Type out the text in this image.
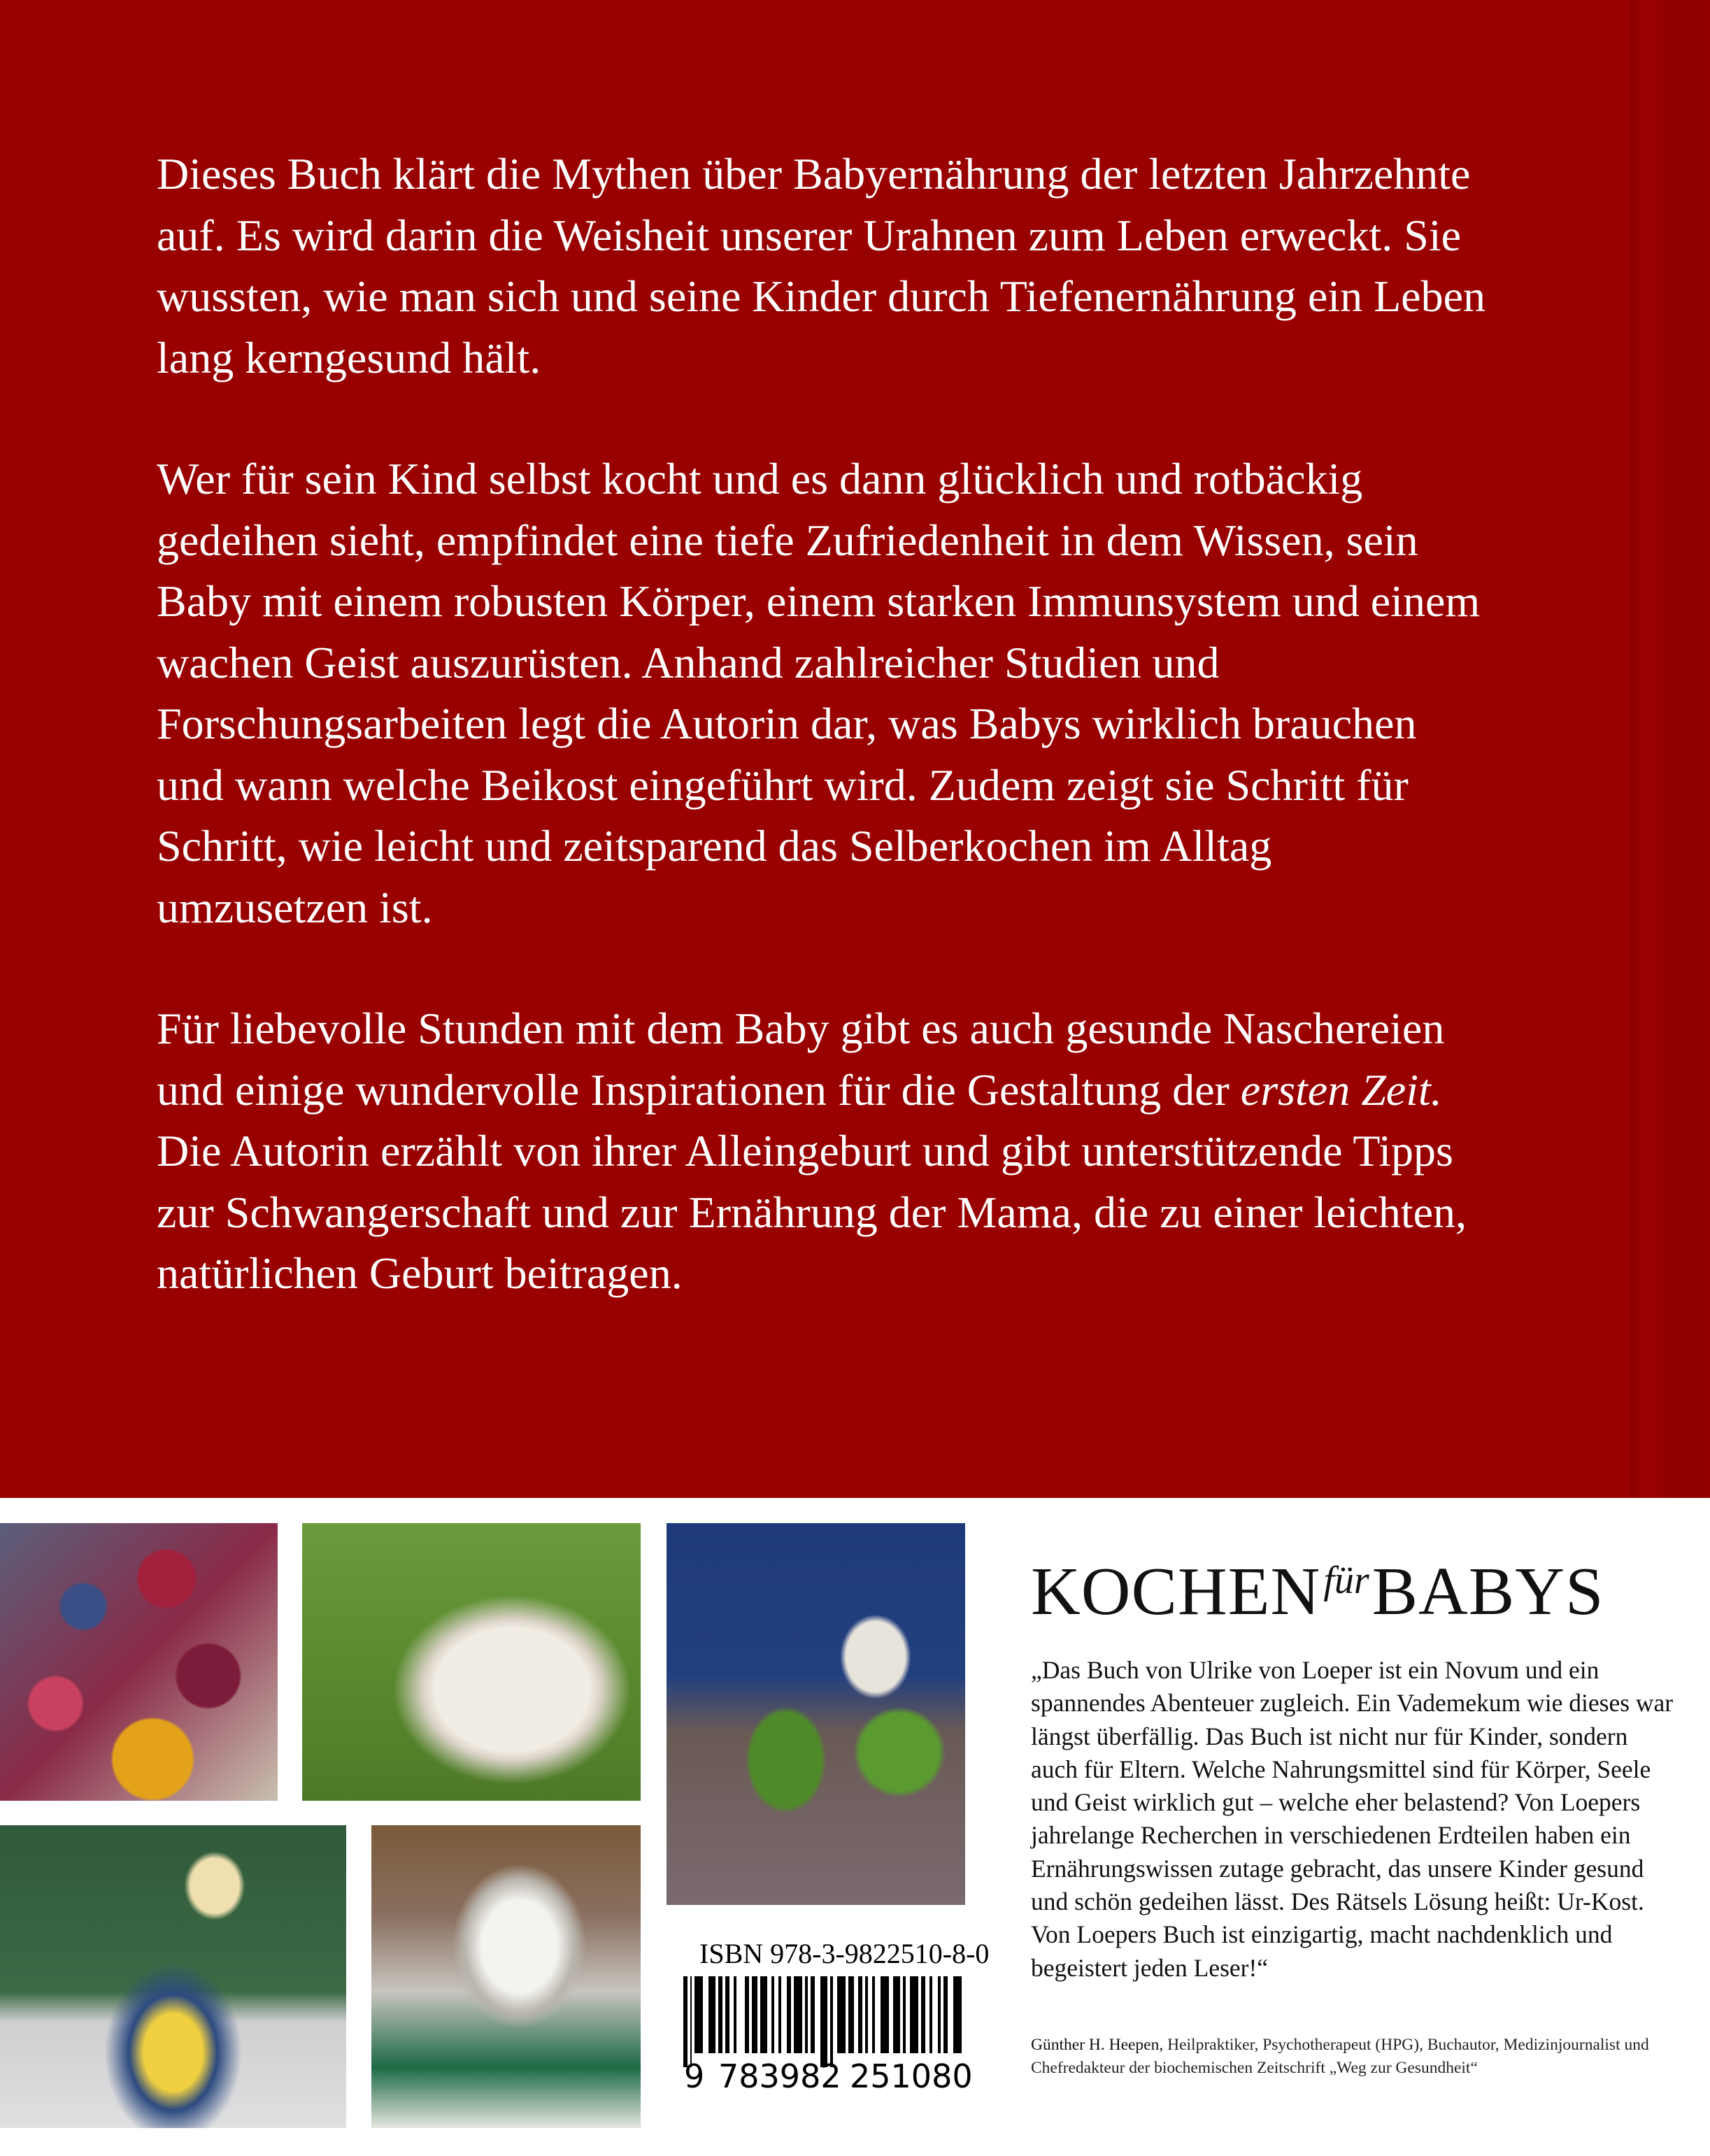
Dieses Buch klärt die Mythen über Babyernährung der letzten Jahrzehnte auf. Es wird darin die Weisheit unserer Urahnen zum Leben erweckt. Sie wussten, wie man sich und seine Kinder durch Tiefenernährung ein Leben lang kerngesund hält.

Wer für sein Kind selbst kocht und es dann glücklich und rotbäckig gedeihen sieht, empfindet eine tiefe Zufriedenheit in dem Wissen, sein Baby mit einem robusten Körper, einem starken Immunsystem und einem wachen Geist auszurüsten. Anhand zahlreicher Studien und Forschungsarbeiten legt die Autorin dar, was Babys wirklich brauchen und wann welche Beikost eingeführt wird. Zudem zeigt sie Schritt für Schritt, wie leicht und zeitsparend das Selberkochen im Alltag umzusetzen ist.

Für liebevolle Stunden mit dem Baby gibt es auch gesunde Naschereien und einige wundervolle Inspirationen für die Gestaltung der ersten Zeit. Die Autorin erzählt von ihrer Alleingeburt und gibt unterstützende Tipps zur Schwangerschaft und zur Ernährung der Mama, die zu einer leichten, natürlichen Geburt beitragen.

ISBN 978-3-9822510-8-0
9 783982 251080
$KOCHEN^{für}BABYS$
„Das Buch von Ulrike von Loeper ist ein Novum und ein spannendes Abenteuer zugleich. Ein Vademekum wie dieses war längst überfällig. Das Buch ist nicht nur für Kinder, sondern auch für Eltern. Welche Nahrungsmittel sind für Körper, Seele und Geist wirklich gut – welche eher belastend? Von Loepers jahrelange Recherchen in verschiedenen Erdteilen haben ein Ernährungswissen zutage gebracht, das unsere Kinder gesund und schön gedeihen lässt. Des Rätsels Lösung heißt: Ur-Kost. Von Loepers Buch ist einzigartig, macht nachdenklich und begeistert jeden Leser!“
Günther H. Heepen, Heilpraktiker, Psychotherapeut (HPG), Buchautor, Medizinjournalist und Chefredakteur der biochemischen Zeitschrift „Weg zur Gesundheit“
